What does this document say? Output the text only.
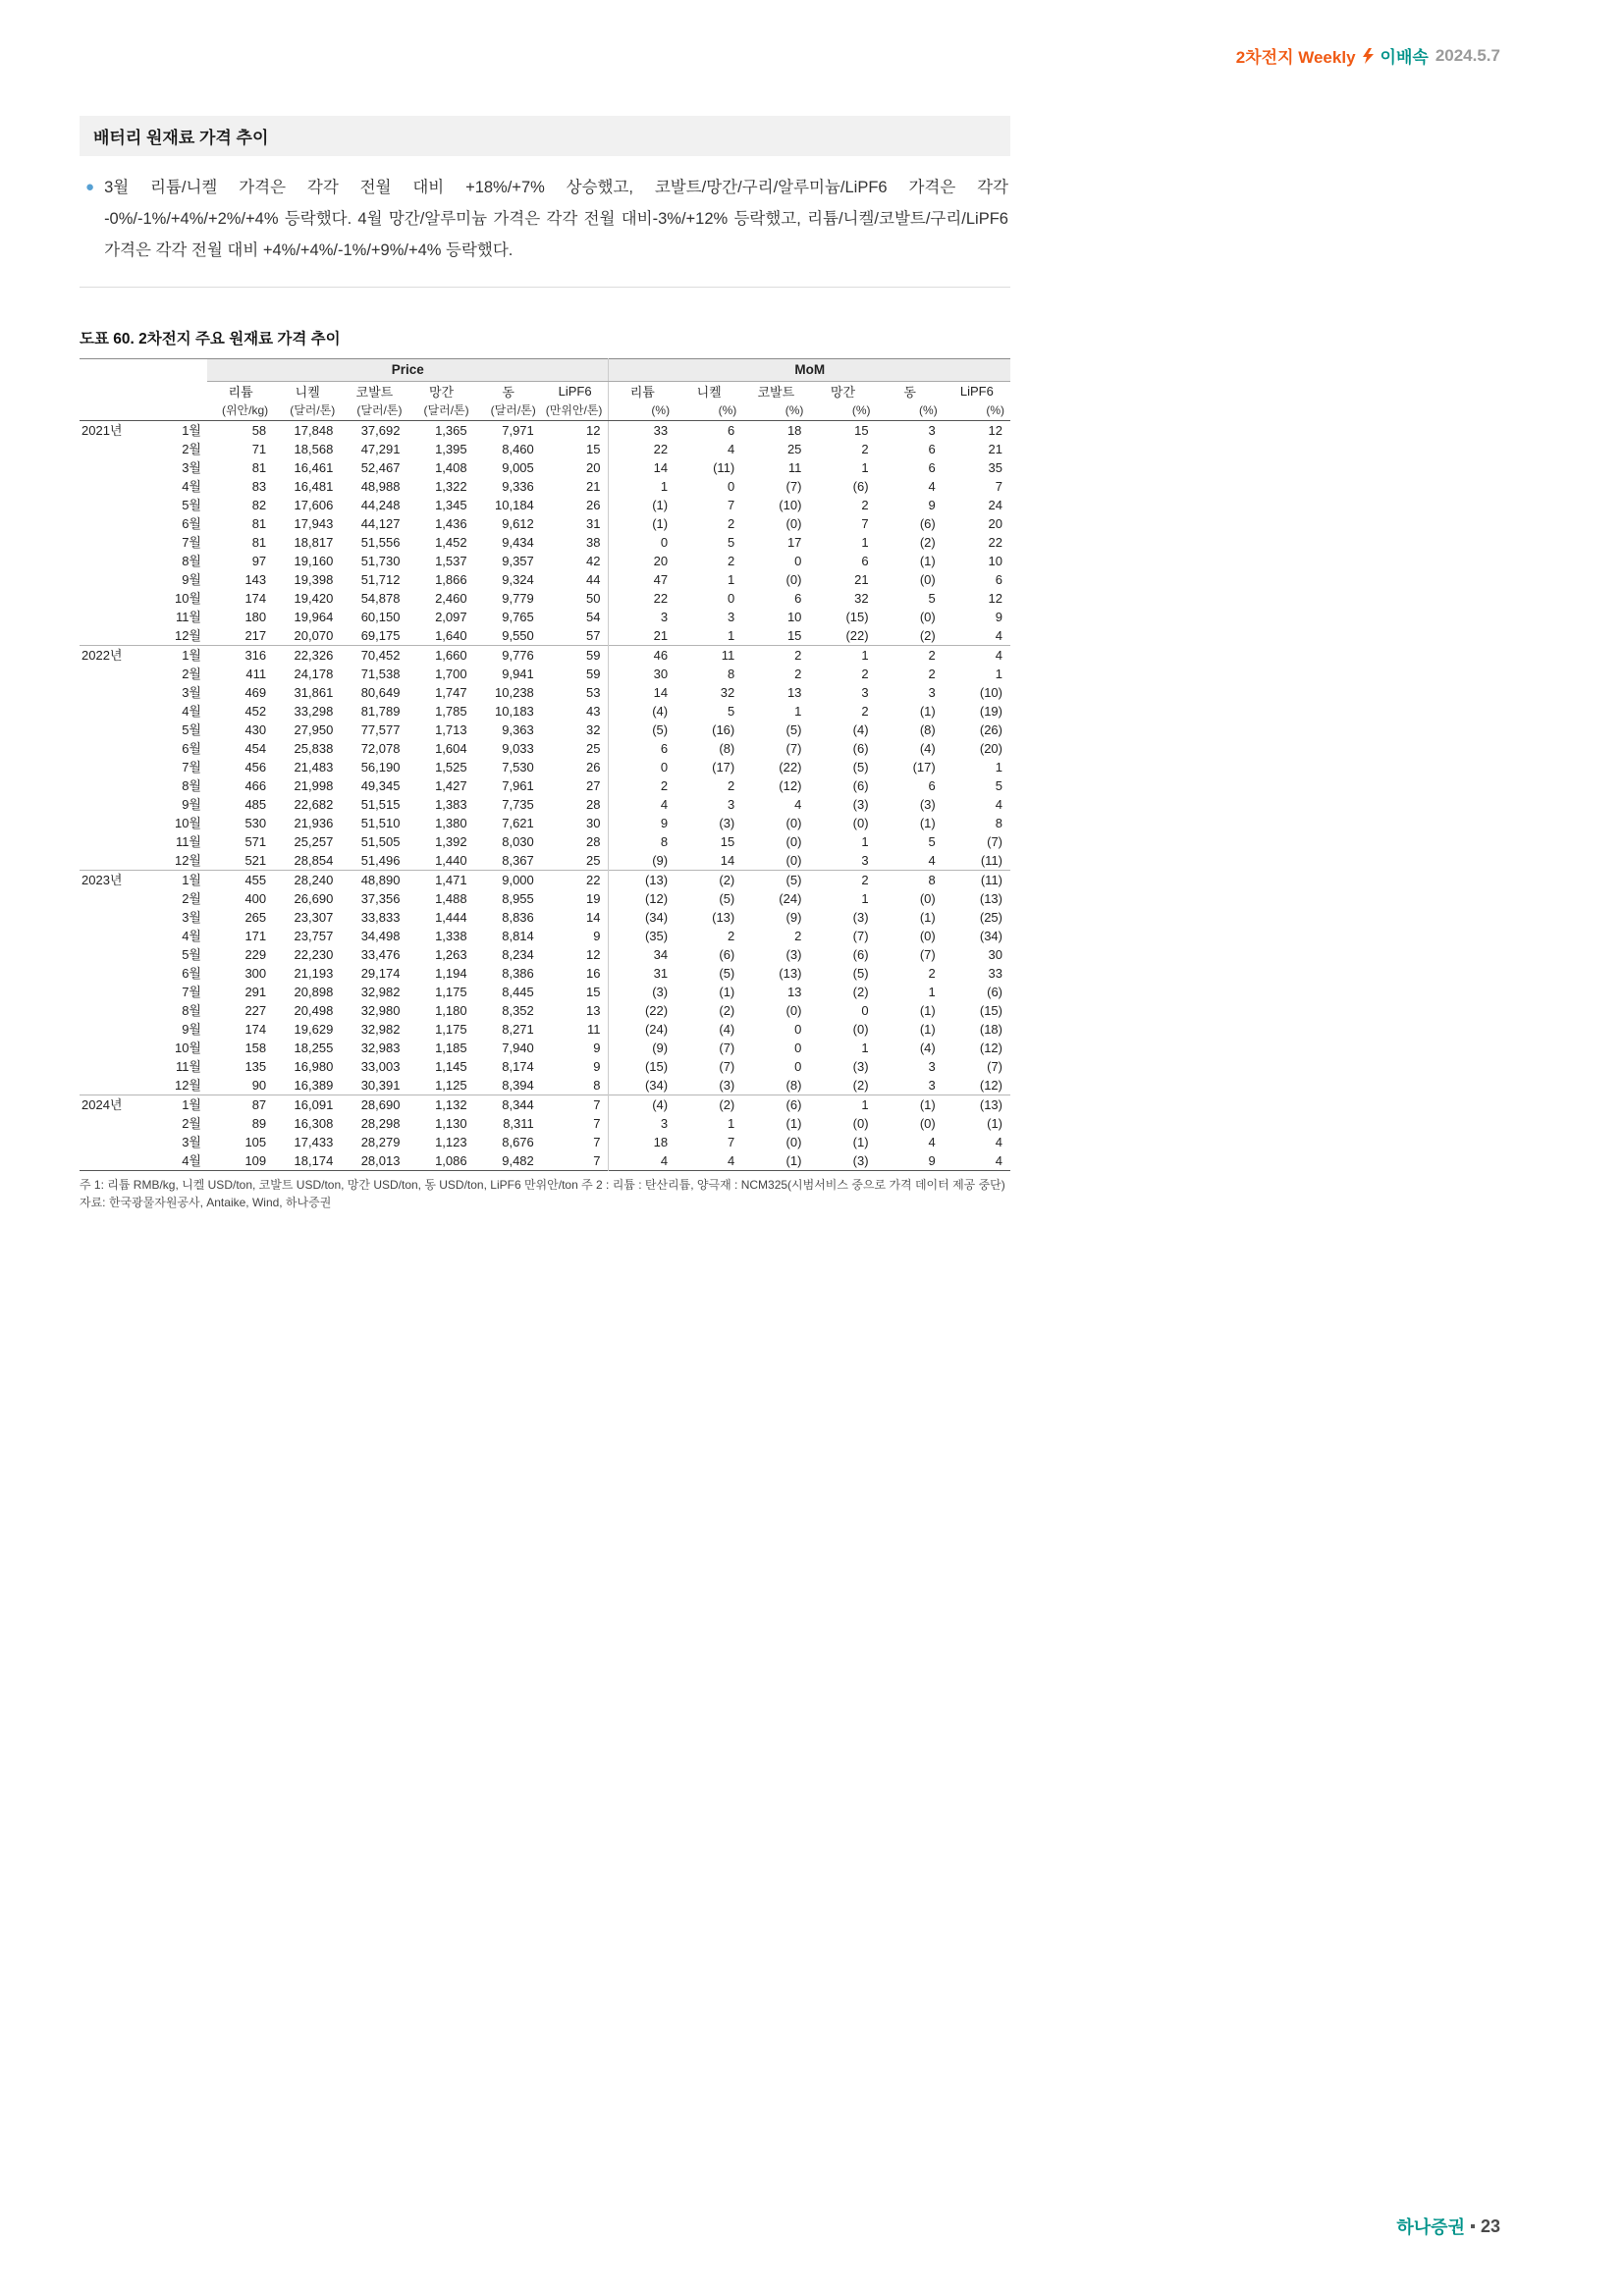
2차전지 Weekly 이배속 2024.5.7
배터리 원재료 가격 추이
● 3월 리튬/니켈 가격은 각각 전월 대비 +18%/+7% 상승했고, 코발트/망간/구리/알루미늄/LiPF6 가격은 각각 -0%/-1%/+4%/+2%/+4% 등락했다. 4월 망간/알루미늄 가격은 각각 전월 대비-3%/+12% 등락했고, 리튬/니켈/코발트/구리/LiPF6 가격은 각각 전월 대비 +4%/+4%/-1%/+9%/+4% 등락했다.

도표 60. 2차전지 주요 원재료 가격 추이
		Price						MoM					
		리튬	니켈	코발트	망간	동	LiPF6	리튬	니켈	코발트	망간	동	LiPF6
		(위안/kg)	(달러/톤)	(달러/톤)	(달러/톤)	(달러/톤)	(만위안/톤)	(%)	(%)	(%)	(%)	(%)	(%)
2021년	1월	58	17,848	37,692	1,365	7,971	12	33	6	18	15	3	12
	2월	71	18,568	47,291	1,395	8,460	15	22	4	25	2	6	21
	3월	81	16,461	52,467	1,408	9,005	20	14	(11)	11	1	6	35
	4월	83	16,481	48,988	1,322	9,336	21	1	0	(7)	(6)	4	7
	5월	82	17,606	44,248	1,345	10,184	26	(1)	7	(10)	2	9	24
	6월	81	17,943	44,127	1,436	9,612	31	(1)	2	(0)	7	(6)	20
	7월	81	18,817	51,556	1,452	9,434	38	0	5	17	1	(2)	22
	8월	97	19,160	51,730	1,537	9,357	42	20	2	0	6	(1)	10
	9월	143	19,398	51,712	1,866	9,324	44	47	1	(0)	21	(0)	6
	10월	174	19,420	54,878	2,460	9,779	50	22	0	6	32	5	12
	11월	180	19,964	60,150	2,097	9,765	54	3	3	10	(15)	(0)	9
	12월	217	20,070	69,175	1,640	9,550	57	21	1	15	(22)	(2)	4
2022년	1월	316	22,326	70,452	1,660	9,776	59	46	11	2	1	2	4
	2월	411	24,178	71,538	1,700	9,941	59	30	8	2	2	2	1
	3월	469	31,861	80,649	1,747	10,238	53	14	32	13	3	3	(10)
	4월	452	33,298	81,789	1,785	10,183	43	(4)	5	1	2	(1)	(19)
	5월	430	27,950	77,577	1,713	9,363	32	(5)	(16)	(5)	(4)	(8)	(26)
	6월	454	25,838	72,078	1,604	9,033	25	6	(8)	(7)	(6)	(4)	(20)
	7월	456	21,483	56,190	1,525	7,530	26	0	(17)	(22)	(5)	(17)	1
	8월	466	21,998	49,345	1,427	7,961	27	2	2	(12)	(6)	6	5
	9월	485	22,682	51,515	1,383	7,735	28	4	3	4	(3)	(3)	4
	10월	530	21,936	51,510	1,380	7,621	30	9	(3)	(0)	(0)	(1)	8
	11월	571	25,257	51,505	1,392	8,030	28	8	15	(0)	1	5	(7)
	12월	521	28,854	51,496	1,440	8,367	25	(9)	14	(0)	3	4	(11)
2023년	1월	455	28,240	48,890	1,471	9,000	22	(13)	(2)	(5)	2	8	(11)
	2월	400	26,690	37,356	1,488	8,955	19	(12)	(5)	(24)	1	(0)	(13)
	3월	265	23,307	33,833	1,444	8,836	14	(34)	(13)	(9)	(3)	(1)	(25)
	4월	171	23,757	34,498	1,338	8,814	9	(35)	2	2	(7)	(0)	(34)
	5월	229	22,230	33,476	1,263	8,234	12	34	(6)	(3)	(6)	(7)	30
	6월	300	21,193	29,174	1,194	8,386	16	31	(5)	(13)	(5)	2	33
	7월	291	20,898	32,982	1,175	8,445	15	(3)	(1)	13	(2)	1	(6)
	8월	227	20,498	32,980	1,180	8,352	13	(22)	(2)	(0)	0	(1)	(15)
	9월	174	19,629	32,982	1,175	8,271	11	(24)	(4)	0	(0)	(1)	(18)
	10월	158	18,255	32,983	1,185	7,940	9	(9)	(7)	0	1	(4)	(12)
	11월	135	16,980	33,003	1,145	8,174	9	(15)	(7)	0	(3)	3	(7)
	12월	90	16,389	30,391	1,125	8,394	8	(34)	(3)	(8)	(2)	3	(12)
2024년	1월	87	16,091	28,690	1,132	8,344	7	(4)	(2)	(6)	1	(1)	(13)
	2월	89	16,308	28,298	1,130	8,311	7	3	1	(1)	(0)	(0)	(1)
	3월	105	17,433	28,279	1,123	8,676	7	18	7	(0)	(1)	4	4
	4월	109	18,174	28,013	1,086	9,482	7	4	4	(1)	(3)	9	4
주 1: 리튬 RMB/kg, 니켈 USD/ton, 코발트 USD/ton, 망간 USD/ton, 동 USD/ton, LiPF6 만위안/ton 주 2 : 리튬 : 탄산리튬, 양극재 : NCM325(시범서비스 중으로 가격 데이터 제공 중단)
자료: 한국광물자원공사, Antaike, Wind, 하나증권
하나증권 23
